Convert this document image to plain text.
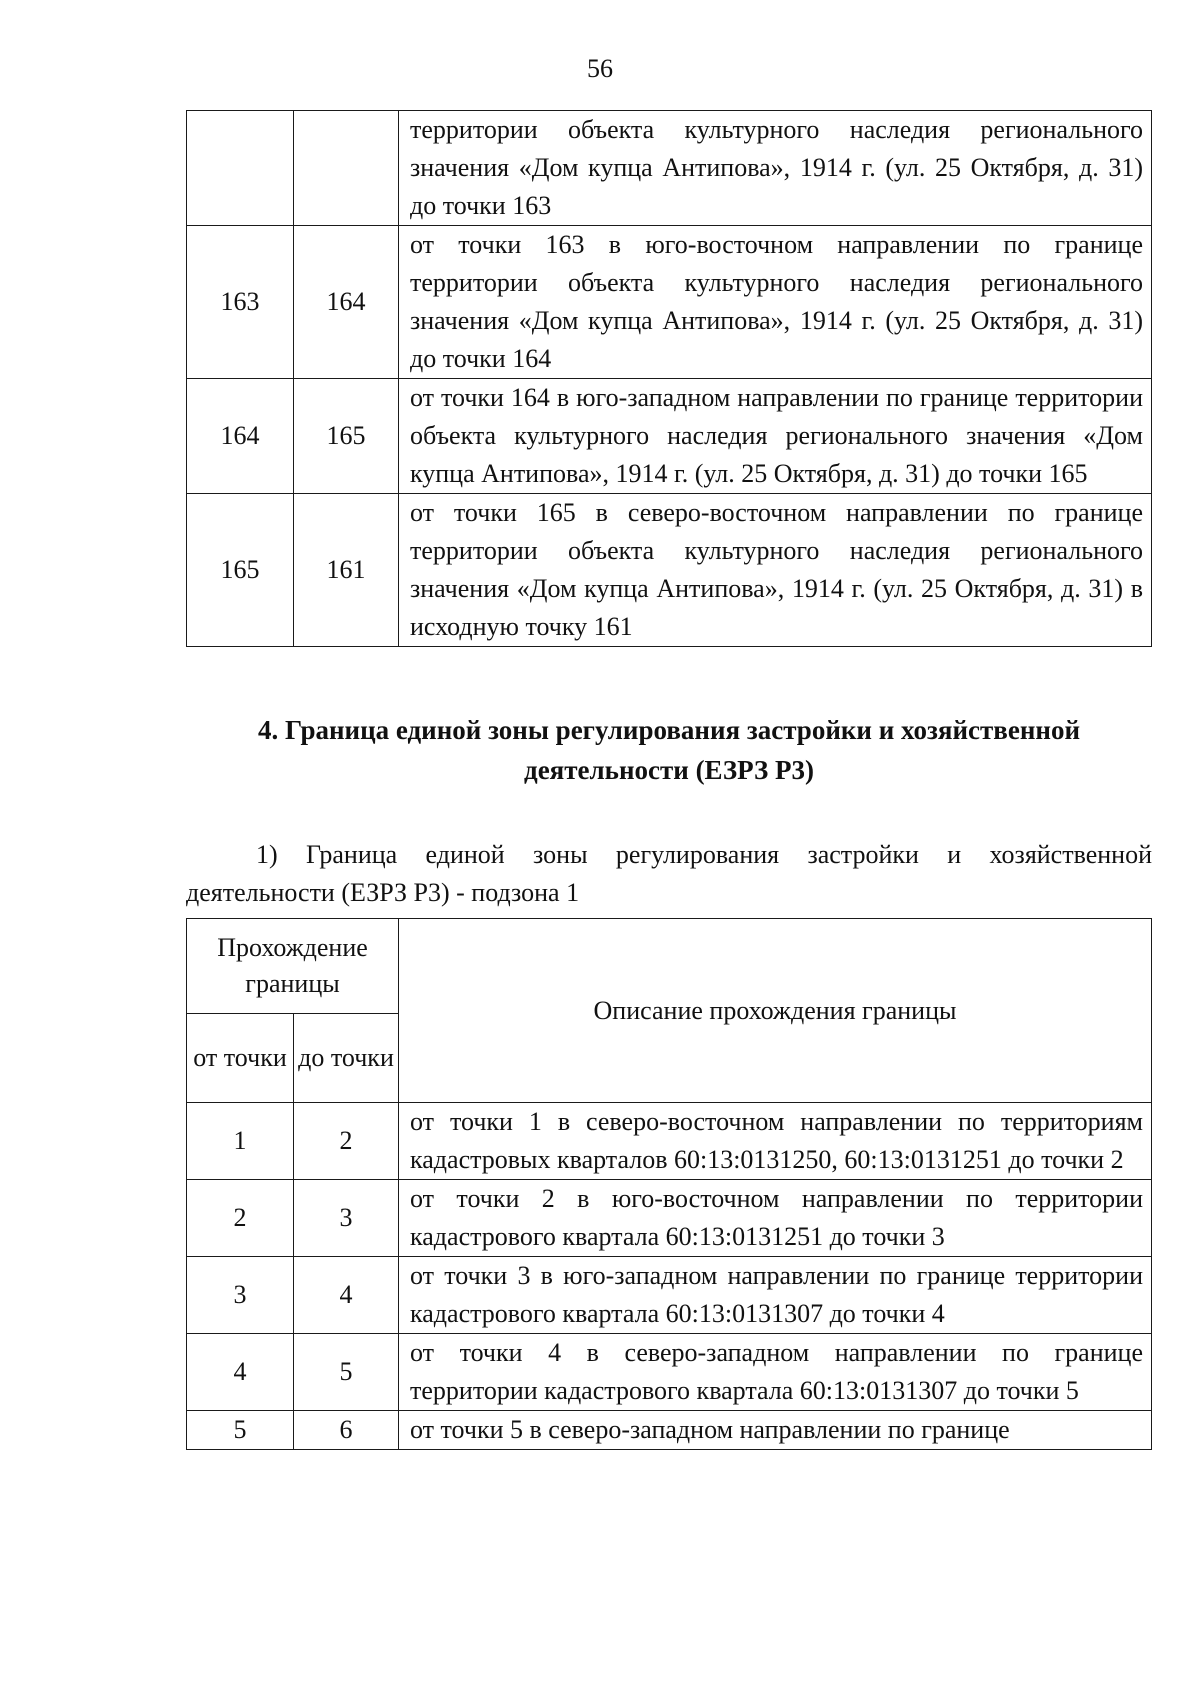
56
		территории объекта культурного наследия регионального значения «Дом купца Антипова», 1914 г. (ул. 25 Октября, д. 31) до точки 163
163	164	от точки 163 в юго-восточном направлении по границе территории объекта культурного наследия регионального значения «Дом купца Антипова», 1914 г. (ул. 25 Октября, д. 31) до точки 164
164	165	от точки 164 в юго-западном направлении по границе территории объекта культурного наследия регионального значения «Дом купца Антипова», 1914 г. (ул. 25 Октября, д. 31) до точки 165
165	161	от точки 165 в северо-восточном направлении по границе территории объекта культурного наследия регионального значения «Дом купца Антипова», 1914 г. (ул. 25 Октября, д. 31) в исходную точку 161
4. Граница единой зоны регулирования застройки и хозяйственной деятельности (ЕЗРЗ Р3)
1) Граница единой зоны регулирования застройки и хозяйственной деятельности (ЕЗРЗ Р3) - подзона 1
Прохождение границы		Описание прохождения границы
от точки	до точки	
1	2	от точки 1 в северо-восточном направлении по территориям кадастровых кварталов 60:13:0131250, 60:13:0131251 до точки 2
2	3	от точки 2 в юго-восточном направлении по территории кадастрового квартала 60:13:0131251 до точки 3
3	4	от точки 3 в юго-западном направлении по границе территории кадастрового квартала 60:13:0131307 до точки 4
4	5	от точки 4 в северо-западном направлении по границе территории кадастрового квартала 60:13:0131307 до точки 5
5	6	от точки 5 в северо-западном направлении по границе
